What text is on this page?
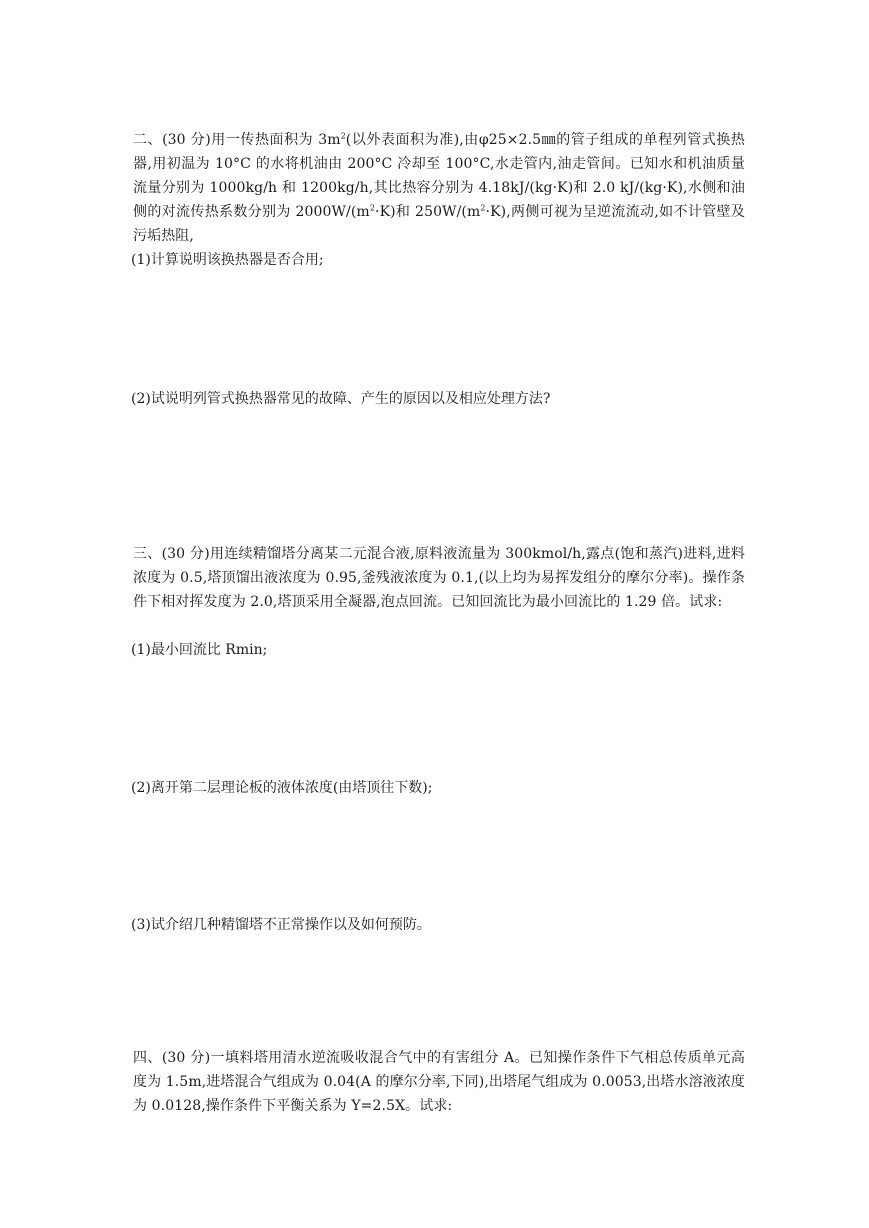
二、(30 分)用一传热面积为 $3m^2$(以外表面积为准),由φ25×2.5㎜的管子组成的单程列管式换热器,用初温为 10°C 的水将机油由 200°C 冷却至 100°C,水走管内,油走管间。已知水和机油质量流量分别为 1000kg/h 和 1200kg/h,其比热容分别为 4.18kJ/(kg·K)和 2.0 kJ/(kg·K),水侧和油侧的对流传热系数分别为 $2000W/(m^2\cdot K)$和 $250W/(m^2\cdot K)$,两侧可视为呈逆流流动,如不计管壁及污垢热阻,

(1)计算说明该换热器是否合用;

(2)试说明列管式换热器常见的故障、产生的原因以及相应处理方法?

三、(30 分)用连续精馏塔分离某二元混合液,原料液流量为 300kmol/h,露点(饱和蒸汽)进料,进料浓度为 0.5,塔顶馏出液浓度为 0.95,釜残液浓度为 0.1,(以上均为易挥发组分的摩尔分率)。操作条件下相对挥发度为 2.0,塔顶采用全凝器,泡点回流。已知回流比为最小回流比的 1.29 倍。试求:

(1)最小回流比 Rmin;

(2)离开第二层理论板的液体浓度(由塔顶往下数);

(3)试介绍几种精馏塔不正常操作以及如何预防。

四、(30 分)一填料塔用清水逆流吸收混合气中的有害组分 A。已知操作条件下气相总传质单元高度为 1.5m,进塔混合气组成为 0.04(A 的摩尔分率,下同),出塔尾气组成为 0.0053,出塔水溶液浓度为 0.0128,操作条件下平衡关系为 Y=2.5X。试求:
